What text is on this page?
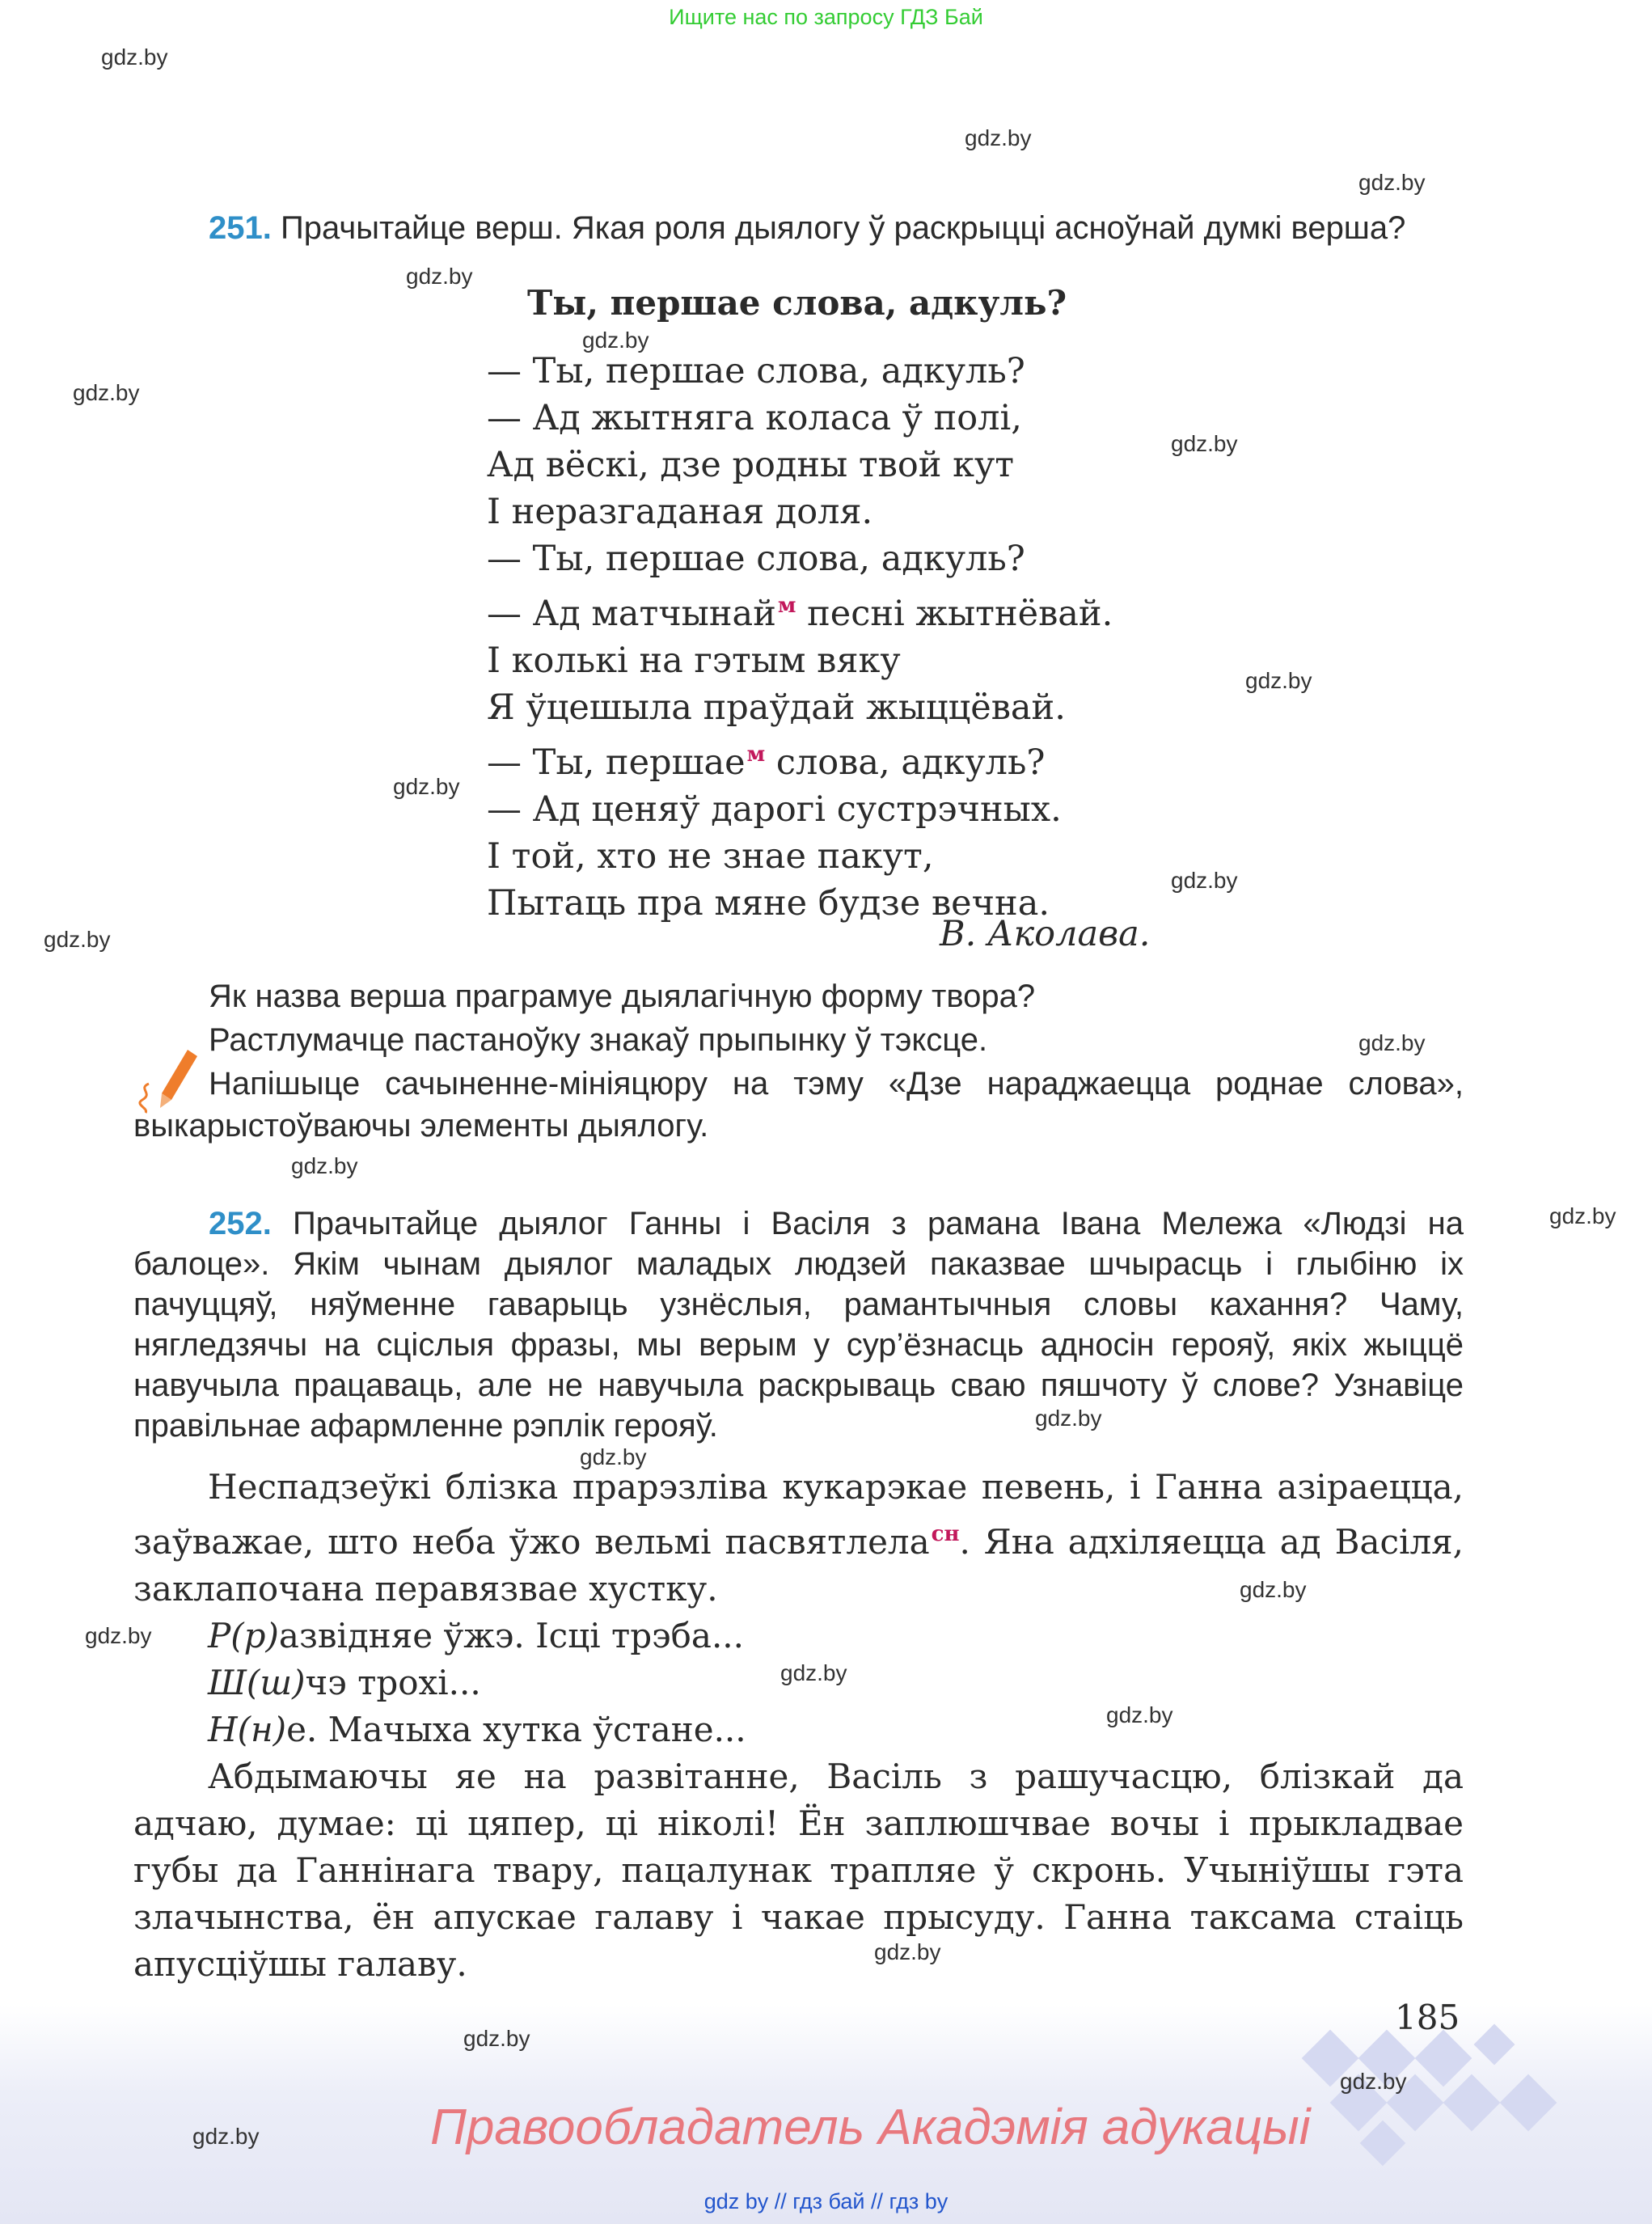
Ищите нас по запросу ГДЗ Бай
gdz.by
gdz.by
gdz.by
gdz.by
gdz.by
gdz.by
gdz.by
gdz.by
gdz.by
gdz.by
gdz.by
gdz.by
gdz.by
gdz.by
gdz.by
gdz.by
gdz.by
gdz.by
gdz.by
gdz.by
gdz.by
gdz.by
gdz.by
gdz.by
251. Прачытайце верш. Якая роля дыялогу ў раскрыцці асноўнай думкі верша?
Ты, першае слова, адкуль?
— Ты, першае слова, адкуль?
— Ад жытняга коласа ў полі,
Ад вёскі, дзе родны твой кут
І неразгаданая доля.
— Ты, першае слова, адкуль?
— Ад матчынай$^м$ песні жытнёвай.
І колькі на гэтым вяку
Я ўцешыла праўдай жыццёвай.
— Ты, першае$^м$ слова, адкуль?
— Ад ценяў дарогі сустрэчных.
І той, хто не знае пакут,
Пытаць пра мяне будзе вечна.
В. Аколава.
Як назва верша праграмуе дыялагічную форму твора?
Растлумачце пастаноўку знакаў прыпынку ў тэксце.
Напішыце сачыненне-мініяцюру на тэму «Дзе нараджаецца роднае слова», выкарыстоўваючы элементы дыялогу.
252. Прачытайце дыялог Ганны і Васіля з рамана Івана Мележа «Людзі на балоце». Якім чынам дыялог маладых людзей паказвае шчырасць і глыбіню іх пачуццяў, няўменне гаварыць узнёслыя, рамантычныя словы кахання? Чаму, нягледзячы на сціслыя фразы, мы верым у сур’ёзнасць адносін герояў, якіх жыццё навучыла працаваць, але не навучыла раскрываць сваю пяшчоту ў слове? Узнавіце правільнае афармленне рэплік герояў.

Неспадзеўкі блізка прарэзліва кукарэкае певень, і Ганна азіраецца, заўважае, што неба ўжо вельмі пасвятлела$^{сн}$. Яна адхіляецца ад Васіля, заклапочана перавязвае хустку.

Р(р)азвідняе ўжэ. Ісці трэба...
Ш(ш)чэ трохі...
Н(н)е. Мачыха хутка ўстане...

Абдымаючы яе на развітанне, Васіль з рашучасцю, блізкай да адчаю, думае: ці цяпер, ці ніколі! Ён заплюшчвае вочы і прыкладвае губы да Ганнінага твару, пацалунак трапляе ў скронь. Учыніўшы гэта злачынства, ён апускае галаву і чакае прысуду. Ганна таксама стаіць апусціўшы галаву.

185
Правообладатель Акадэмія адукацыі
gdz by // гдз бай // гдз by
